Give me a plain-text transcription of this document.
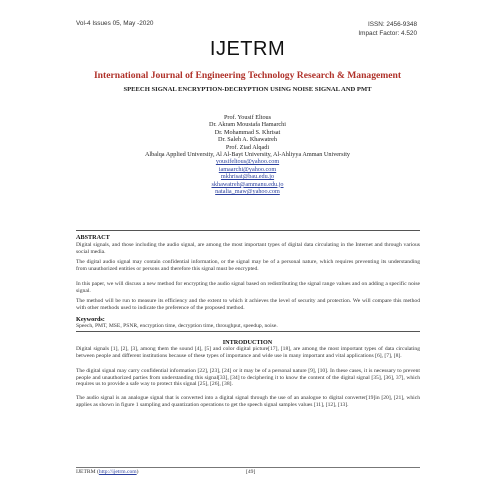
Vol-4 Issues 05, May -2020	ISSN: 2456-9348
Impact Factor: 4.520
IJETRM
International Journal of Engineering Technology Research & Management
SPEECH SIGNAL ENCRYPTION-DECRYPTION USING NOISE SIGNAL AND PMT
Prof. Yousif Eltous
Dr. Akram Moustafa Hamarchi
Dr. Mohammad S. Khrisat
Dr. Saleh A. Khawatreh
Prof. Ziad Alqadi
Albalqa Applied University, Al Al-Bayt University, Al-Ahliyya Amman University
yousifeltous@yahoo.com
iamaarchi@yahoo.com
mkhrisat@bau.edu.jo
skhawatreh@ammanu.edu.jo
natalia_maw@yahoo.com
ABSTRACT
Digital signals, and those including the audio signal, are among the most important types of digital data circulating in the Internet and through various social media.
The digital audio signal may contain confidential information, or the signal may be of a personal nature, which requires preventing its understanding from unauthorized entities or persons and therefore this signal must be encrypted.
In this paper, we will discuss a new method for encrypting the audio signal based on redistributing the signal range values and on adding a specific noise signal.
The method will be run to measure its efficiency and the extent to which it achieves the level of security and protection. We will compare this method with other methods used to indicate the preference of the proposed method.
Keywords:
Speech, PMT, MSE, PSNR, encryption time, decryption time, throughput, speedup, noise.
INTRODUCTION
Digital signals [1], [2], [3], among them the sound [4], [5] and color digital picture[17], [18], are among the most important types of data circulating between people and different institutions because of these types of importance and wide use in many important and vital applications [6], [7], [8].
The digital signal may carry confidential information [22], [23], [24] or it may be of a personal nature [9], [10]. In these cases, it is necessary to prevent people and unauthorized parties from understanding this signal[33], [34] to deciphering it to know the content of the digital signal [35], [36], 37], which requires us to provide a safe way to protect this signal [25], [26], [38].
The audio signal is an analogue signal that is converted into a digital signal through the use of an analogue to digital converter[19]in [20], [21], which applies as shown in figure 1 sampling and quantization operations to get the speech signal samples values [11], [12], [13].
IJETRM (http://ijetrm.com)	[49]
